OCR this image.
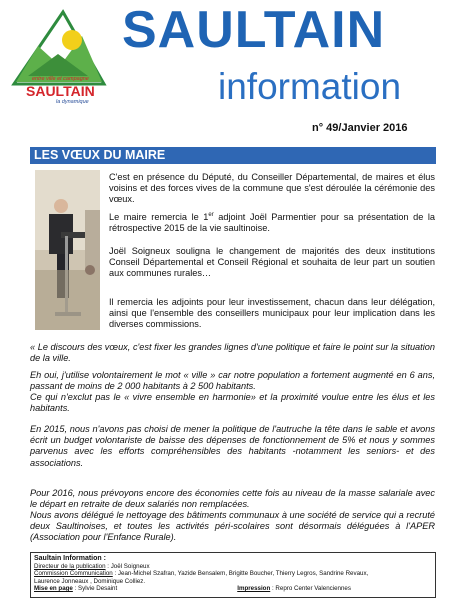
entre ville et campagne
SAULTAIN
la dynamique
SAULTAIN
information
n° 49/Janvier 2016
LES VŒUX DU MAIRE

C'est en présence du Député, du Conseiller Départemental, de maires et élus voisins et des forces vives de la commune que s'est déroulée la cérémonie des vœux.

Le maire remercia le 1er adjoint Joël Parmentier pour sa présentation de la rétrospective 2015 de la vie saultinoise.

Joël Soigneux souligna le changement de majorités des deux institutions Conseil Départemental et Conseil Régional et souhaita de leur part un soutien aux communes rurales…

Il remercia les adjoints pour leur investissement, chacun dans leur délégation, ainsi que l'ensemble des conseillers municipaux pour leur implication dans les diverses commissions.

« Le discours des vœux, c'est fixer les grandes lignes d'une politique et faire le point sur la situation de la ville.

Eh oui, j'utilise volontairement le mot « ville » car notre population a fortement augmenté en 6 ans, passant de moins de 2 000 habitants à 2 500 habitants.

Ce qui n'exclut pas le « vivre ensemble en harmonie» et la proximité voulue entre les élus et les habitants.

En 2015, nous n'avons pas choisi de mener la politique de l'autruche la tête dans le sable et avons écrit un budget volontariste de baisse des dépenses de fonctionnement de 5% et nous y sommes parvenus avec les efforts compréhensibles des habitants -notamment les seniors- et des associations.

Pour 2016, nous prévoyons encore des économies cette fois au niveau de la masse salariale avec le départ en retraite de deux salariés non remplacées.

Nous avons délégué le nettoyage des bâtiments communaux à une société de service qui a recruté deux Saultinoises, et toutes les activités péri-scolaires sont désormais déléguées à l'APER (Association pour l'Enfance Rurale).

Saultain Information :
Directeur de la publication : Joël Soigneux
Commission Communication : Jean-Michel Szafran, Yazide Bensalem, Brigitte Boucher, Thierry Legros, Sandrine Revaux,
Laurence Jonneaux , Dominique Colliez.
Mise en page : Sylvie Desaint	Impression : Repro Center Valenciennes
